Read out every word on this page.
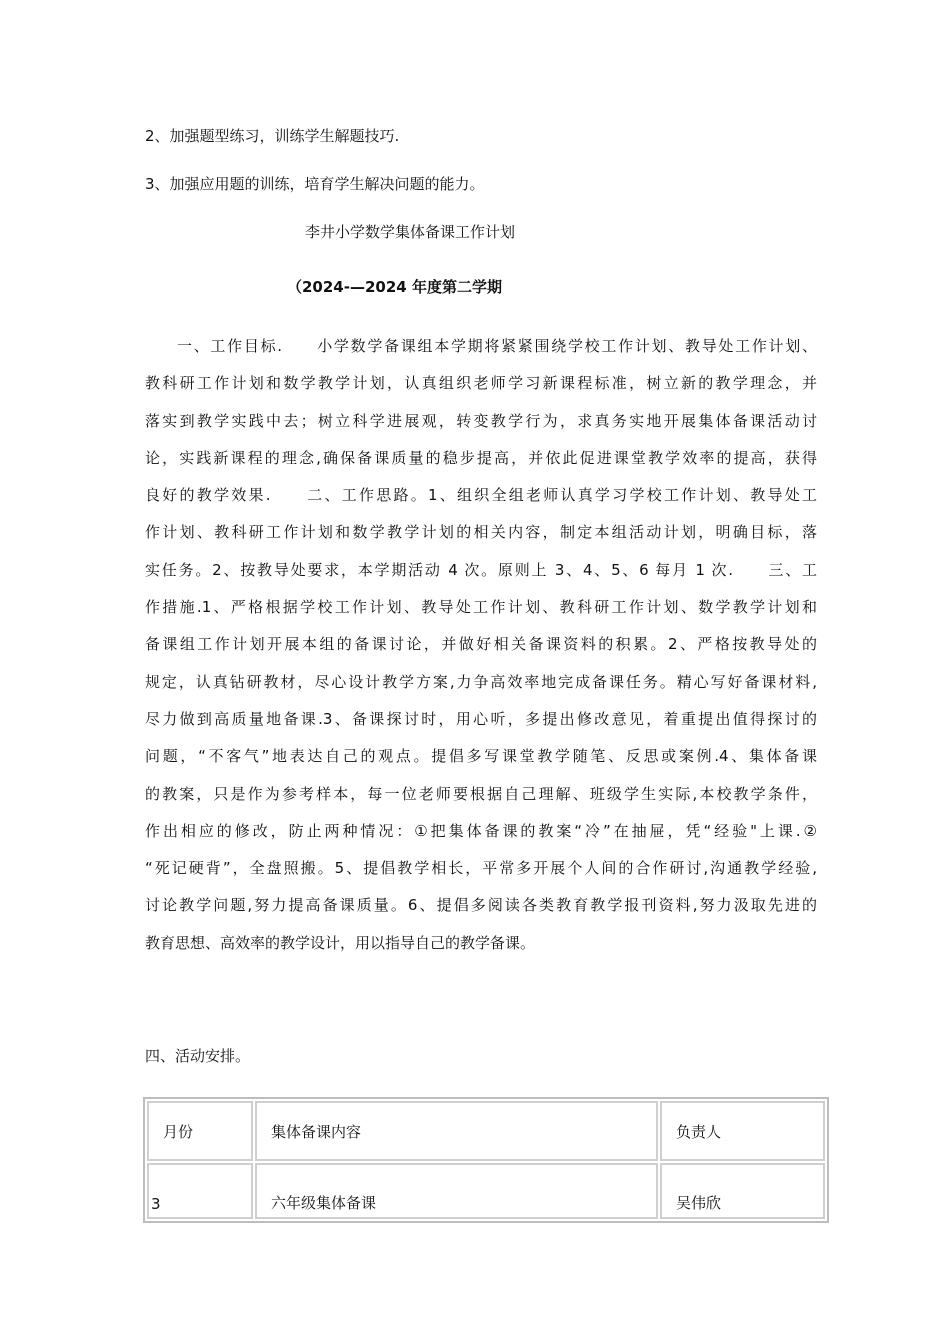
2、加强题型练习，训练学生解题技巧.
3、加强应用题的训练，培育学生解决问题的能力。
李井小学数学集体备课工作计划
（2024-—2024 年度第二学期
一、工作目标.　　小学数学备课组本学期将紧紧围绕学校工作计划、教导处工作计划、
教科研工作计划和数学教学计划，认真组织老师学习新课程标准，树立新的教学理念，并
落实到教学实践中去；树立科学进展观，转变教学行为，求真务实地开展集体备课活动讨
论，实践新课程的理念,确保备课质量的稳步提高，并依此促进课堂教学效率的提高，获得
良好的教学效果.　　二、工作思路。1、组织全组老师认真学习学校工作计划、教导处工
作计划、教科研工作计划和数学教学计划的相关内容，制定本组活动计划，明确目标，落
实任务。2、按教导处要求，本学期活动 4 次。原则上 3、4、5、6 每月 1 次.　　三、工
作措施.1、严格根据学校工作计划、教导处工作计划、教科研工作计划、数学教学计划和
备课组工作计划开展本组的备课讨论，并做好相关备课资料的积累。2、严格按教导处的
规定，认真钻研教材，尽心设计教学方案,力争高效率地完成备课任务。精心写好备课材料,
尽力做到高质量地备课.3、备课探讨时，用心听，多提出修改意见，着重提出值得探讨的
问题，“不客气”地表达自己的观点。提倡多写课堂教学随笔、反思或案例.4、集体备课
的教案，只是作为参考样本，每一位老师要根据自己理解、班级学生实际,本校教学条件，
作出相应的修改，防止两种情况：①把集体备课的教案“冷”在抽屉，凭“经验"上课.②
“死记硬背”，全盘照搬。5、提倡教学相长，平常多开展个人间的合作研讨,沟通教学经验,
讨论教学问题,努力提高备课质量。6、提倡多阅读各类教育教学报刊资料,努力汲取先进的
教育思想、高效率的教学设计，用以指导自己的教学备课。
四、活动安排。
月份	集体备课内容	负责人
3	六年级集体备课	吴伟欣
